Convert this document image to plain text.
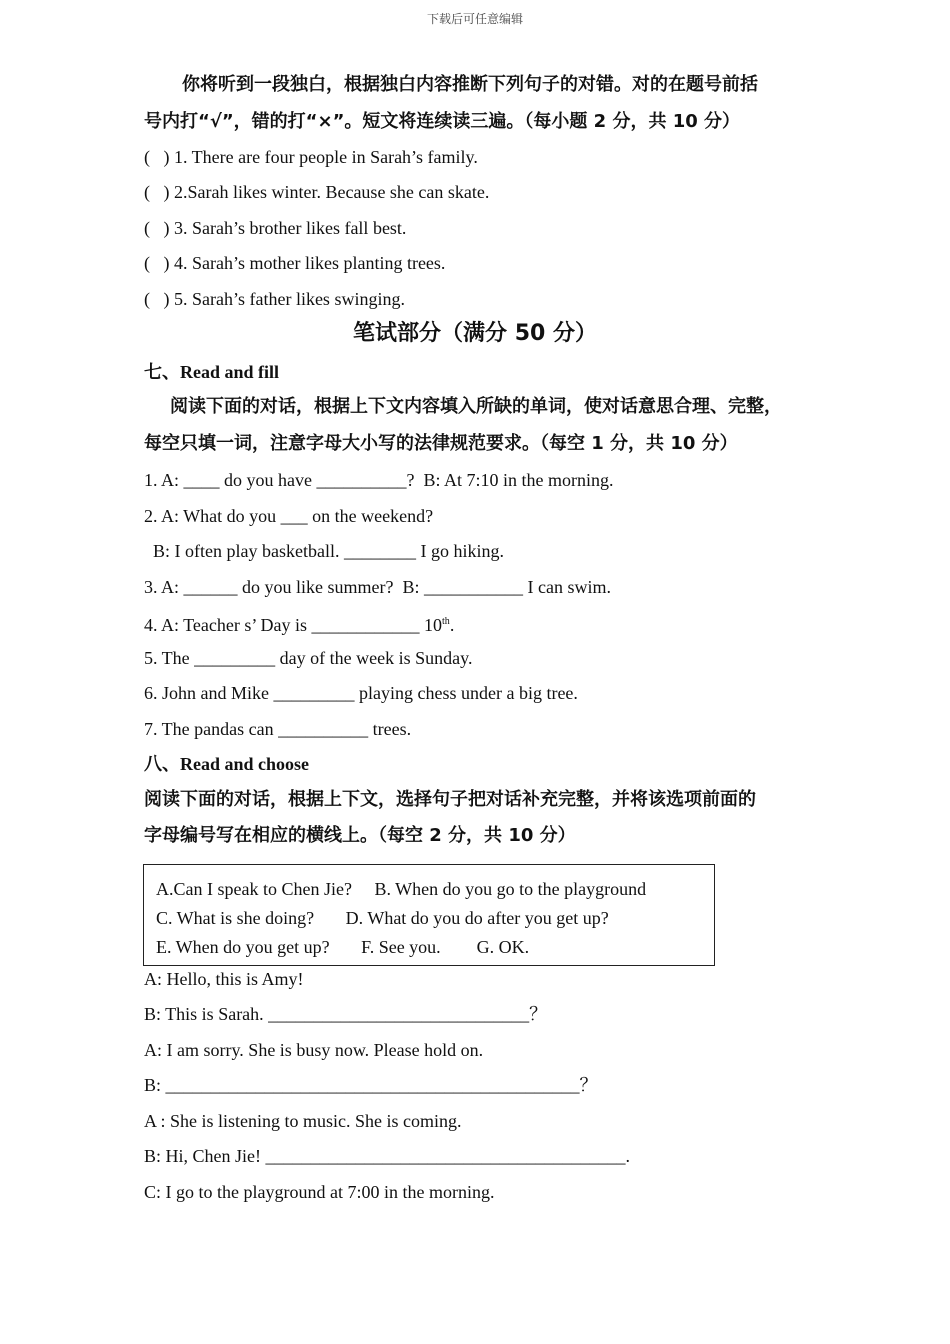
下载后可任意编辑
你将听到一段独白，根据独白内容推断下列句子的对错。对的在题号前括
号内打“√”，错的打“×”。短文将连续读三遍。（每小题 2 分，共 10 分）
(   ) 1. There are four people in Sarah’s family.
(   ) 2.Sarah likes winter. Because she can skate.
(   ) 3. Sarah’s brother likes fall best.
(   ) 4. Sarah’s mother likes planting trees.
(   ) 5. Sarah’s father likes swinging.
笔试部分（满分 50 分）
七、Read and fill
阅读下面的对话，根据上下文内容填入所缺的单词，使对话意思合理、完整，
每空只填一词，注意字母大小写的法律规范要求。（每空 1 分，共 10 分）
1. A: ____ do you have __________?  B: At 7:10 in the morning.
2. A: What do you ___ on the weekend?
B: I often play basketball. ________ I go hiking.
3. A: ______ do you like summer?  B: ___________ I can swim.
4. A: Teacher s’ Day is ____________ 10th.
5. The _________ day of the week is Sunday.
6. John and Mike _________ playing chess under a big tree.
7. The pandas can __________ trees.
八、Read and choose
阅读下面的对话，根据上下文，选择句子把对话补充完整，并将该选项前面的
字母编号写在相应的横线上。（每空 2 分，共 10 分）
A.Can I speak to Chen Jie?     B. When do you go to the playground
C. What is she doing?       D. What do you do after you get up?
E. When do you get up?       F. See you.        G. OK.
A: Hello, this is Amy!
B: This is Sarah. _____________________________？
A: I am sorry. She is busy now. Please hold on.
B: ______________________________________________？
A : She is listening to music. She is coming.
B: Hi, Chen Jie! ________________________________________.
C: I go to the playground at 7:00 in the morning.
